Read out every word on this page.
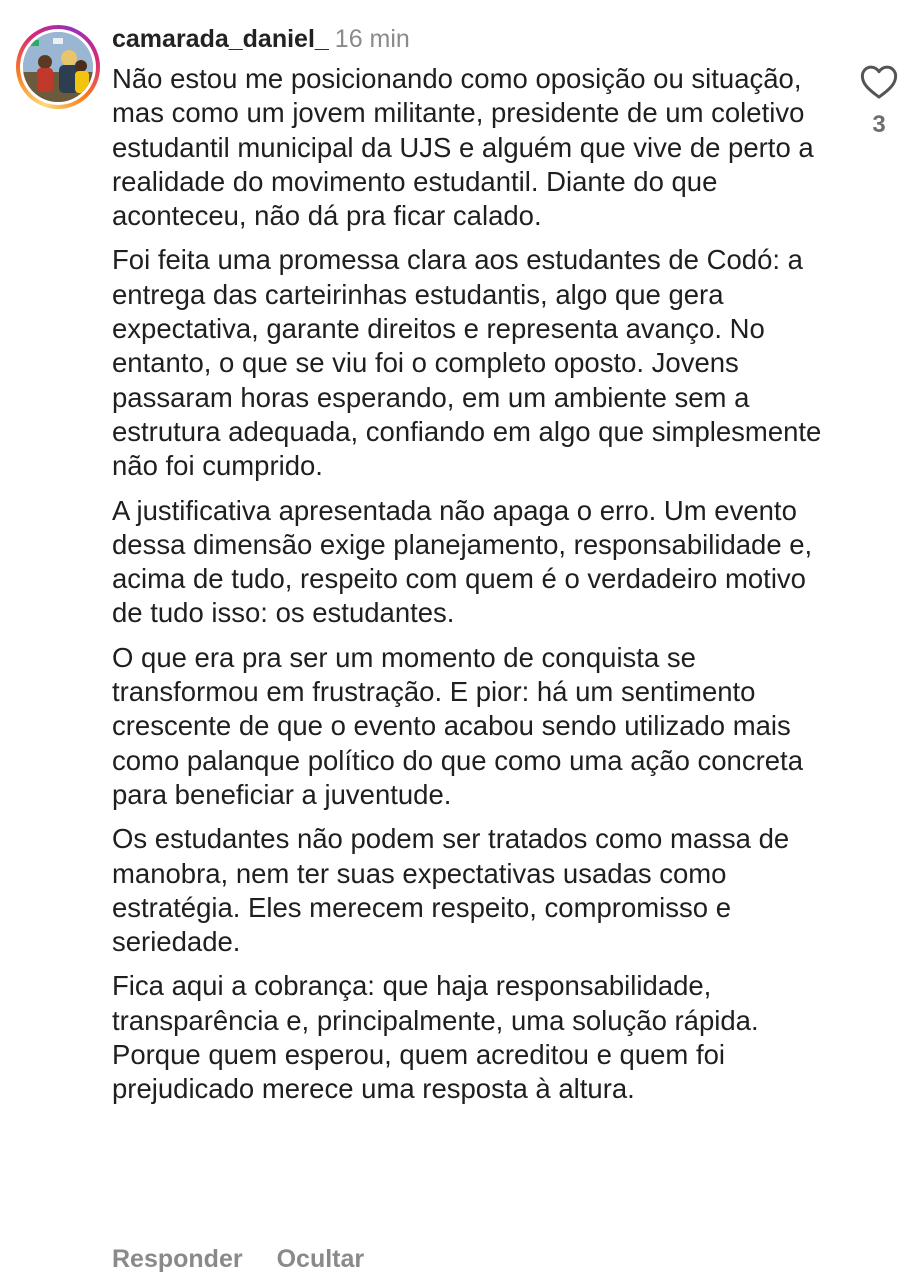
camarada_daniel_ 16 min

Não estou me posicionando como oposição ou situação, mas como um jovem militante, presidente de um coletivo estudantil municipal da UJS e alguém que vive de perto a realidade do movimento estudantil. Diante do que aconteceu, não dá pra ficar calado.

Foi feita uma promessa clara aos estudantes de Codó: a entrega das carteirinhas estudantis, algo que gera expectativa, garante direitos e representa avanço. No entanto, o que se viu foi o completo oposto. Jovens passaram horas esperando, em um ambiente sem a estrutura adequada, confiando em algo que simplesmente não foi cumprido.

A justificativa apresentada não apaga o erro. Um evento dessa dimensão exige planejamento, responsabilidade e, acima de tudo, respeito com quem é o verdadeiro motivo de tudo isso: os estudantes.

O que era pra ser um momento de conquista se transformou em frustração. E pior: há um sentimento crescente de que o evento acabou sendo utilizado mais como palanque político do que como uma ação concreta para beneficiar a juventude.

Os estudantes não podem ser tratados como massa de manobra, nem ter suas expectativas usadas como estratégia. Eles merecem respeito, compromisso e seriedade.

Fica aqui a cobrança: que haja responsabilidade, transparência e, principalmente, uma solução rápida. Porque quem esperou, quem acreditou e quem foi prejudicado merece uma resposta à altura.

Responder Ocultar
3
